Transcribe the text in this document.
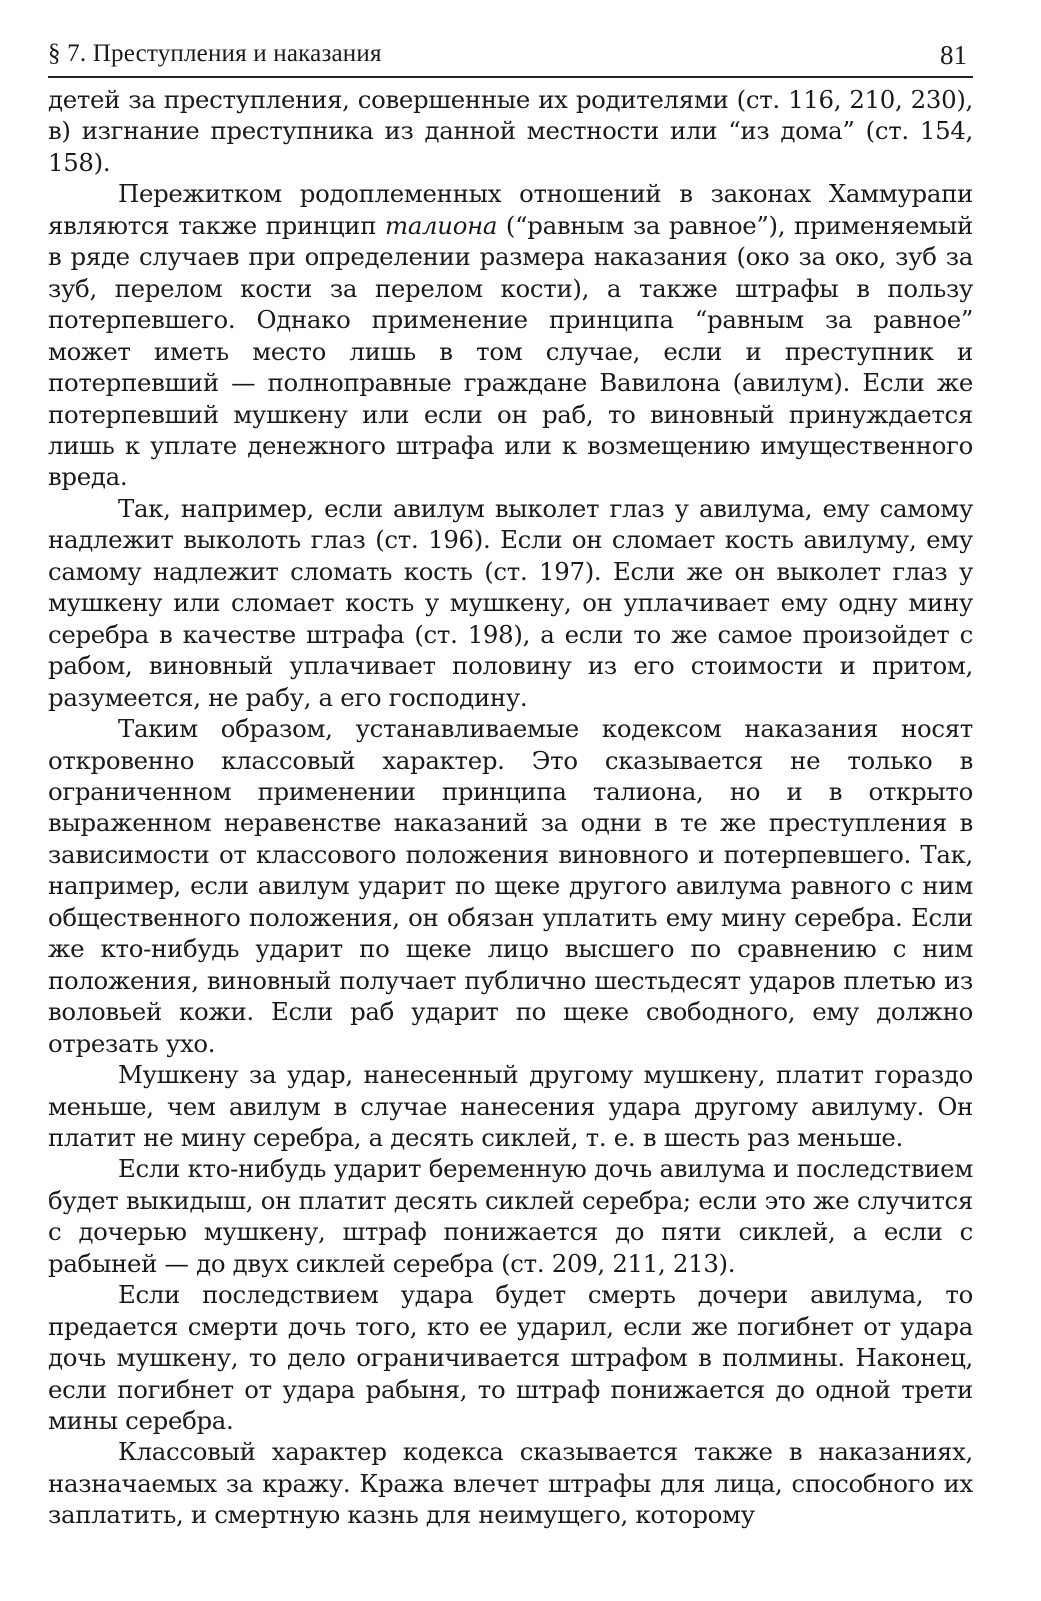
§ 7. Преступления и наказания	81

детей за преступления, совершенные их родителями (ст. 116, 210, 230), в) изгнание преступника из данной местности или “из дома” (ст. 154, 158).

Пережитком родоплеменных отношений в законах Хаммурапи являются также принцип талиона (“равным за равное”), применяемый в ряде случаев при определении размера наказания (око за око, зуб за зуб, перелом кости за перелом кости), а также штрафы в пользу потерпевшего. Однако применение принципа “равным за равное” может иметь место лишь в том случае, если и преступник и потерпевший — полноправные граждане Вавилона (авилум). Если же потерпевший мушкену или если он раб, то виновный принуждается лишь к уплате денежного штрафа или к возмещению имущественного вреда.

Так, например, если авилум выколет глаз у авилума, ему самому надлежит выколоть глаз (ст. 196). Если он сломает кость авилуму, ему самому надлежит сломать кость (ст. 197). Если же он выколет глаз у мушкену или сломает кость у мушкену, он уплачивает ему одну мину серебра в качестве штрафа (ст. 198), а если то же самое произойдет с рабом, виновный уплачивает половину из его стоимости и притом, разумеется, не рабу, а его господину.

Таким образом, устанавливаемые кодексом наказания носят откровенно классовый характер. Это сказывается не только в ограниченном применении принципа талиона, но и в открыто выраженном неравенстве наказаний за одни в те же преступления в зависимости от классового положения виновного и потерпевшего. Так, например, если авилум ударит по щеке другого авилума равного с ним общественного положения, он обязан уплатить ему мину серебра. Если же кто-нибудь ударит по щеке лицо высшего по сравнению с ним положения, виновный получает публично шестьдесят ударов плетью из воловьей кожи. Если раб ударит по щеке свободного, ему должно отрезать ухо.

Мушкену за удар, нанесенный другому мушкену, платит гораздо меньше, чем авилум в случае нанесения удара другому авилуму. Он платит не мину серебра, а десять сиклей, т. е. в шесть раз меньше.

Если кто-нибудь ударит беременную дочь авилума и последствием будет выкидыш, он платит десять сиклей серебра; если это же случится с дочерью мушкену, штраф понижается до пяти сиклей, а если с рабыней — до двух сиклей серебра (ст. 209, 211, 213).

Если последствием удара будет смерть дочери авилума, то предается смерти дочь того, кто ее ударил, если же погибнет от удара дочь мушкену, то дело ограничивается штрафом в полмины. Наконец, если погибнет от удара рабыня, то штраф понижается до одной трети мины серебра.

Классовый характер кодекса сказывается также в наказаниях, назначаемых за кражу. Кража влечет штрафы для лица, способного их заплатить, и смертную казнь для неимущего, которому
